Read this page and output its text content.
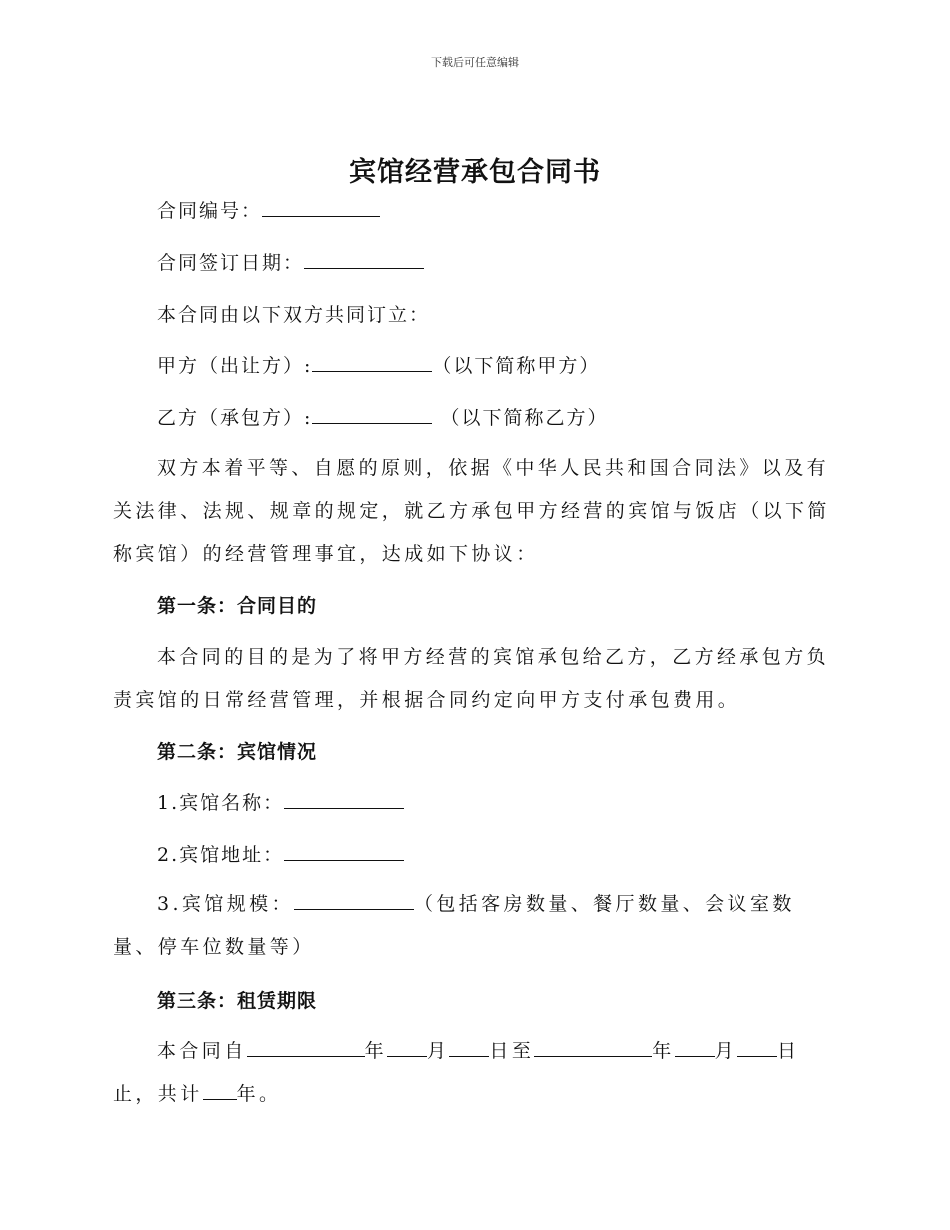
下载后可任意编辑
宾馆经营承包合同书
合同编号：
合同签订日期：
本合同由以下双方共同订立：
甲方（出让方）:	（以下简称甲方）
乙方（承包方）:	（以下简称乙方）
双方本着平等、自愿的原则，依据《中华人民共和国合同法》以及有关法律、法规、规章的规定，就乙方承包甲方经营的宾馆与饭店（以下简称宾馆）的经营管理事宜，达成如下协议：
第一条：合同目的
本合同的目的是为了将甲方经营的宾馆承包给乙方，乙方经承包方负责宾馆的日常经营管理，并根据合同约定向甲方支付承包费用。
第二条：宾馆情况
1.宾馆名称：
2.宾馆地址：
3.宾馆规模：	（包括客房数量、餐厅数量、会议室数量、停车位数量等）
第三条：租赁期限
本合同自	年 月 日至	年 月 日止，共计 年。
